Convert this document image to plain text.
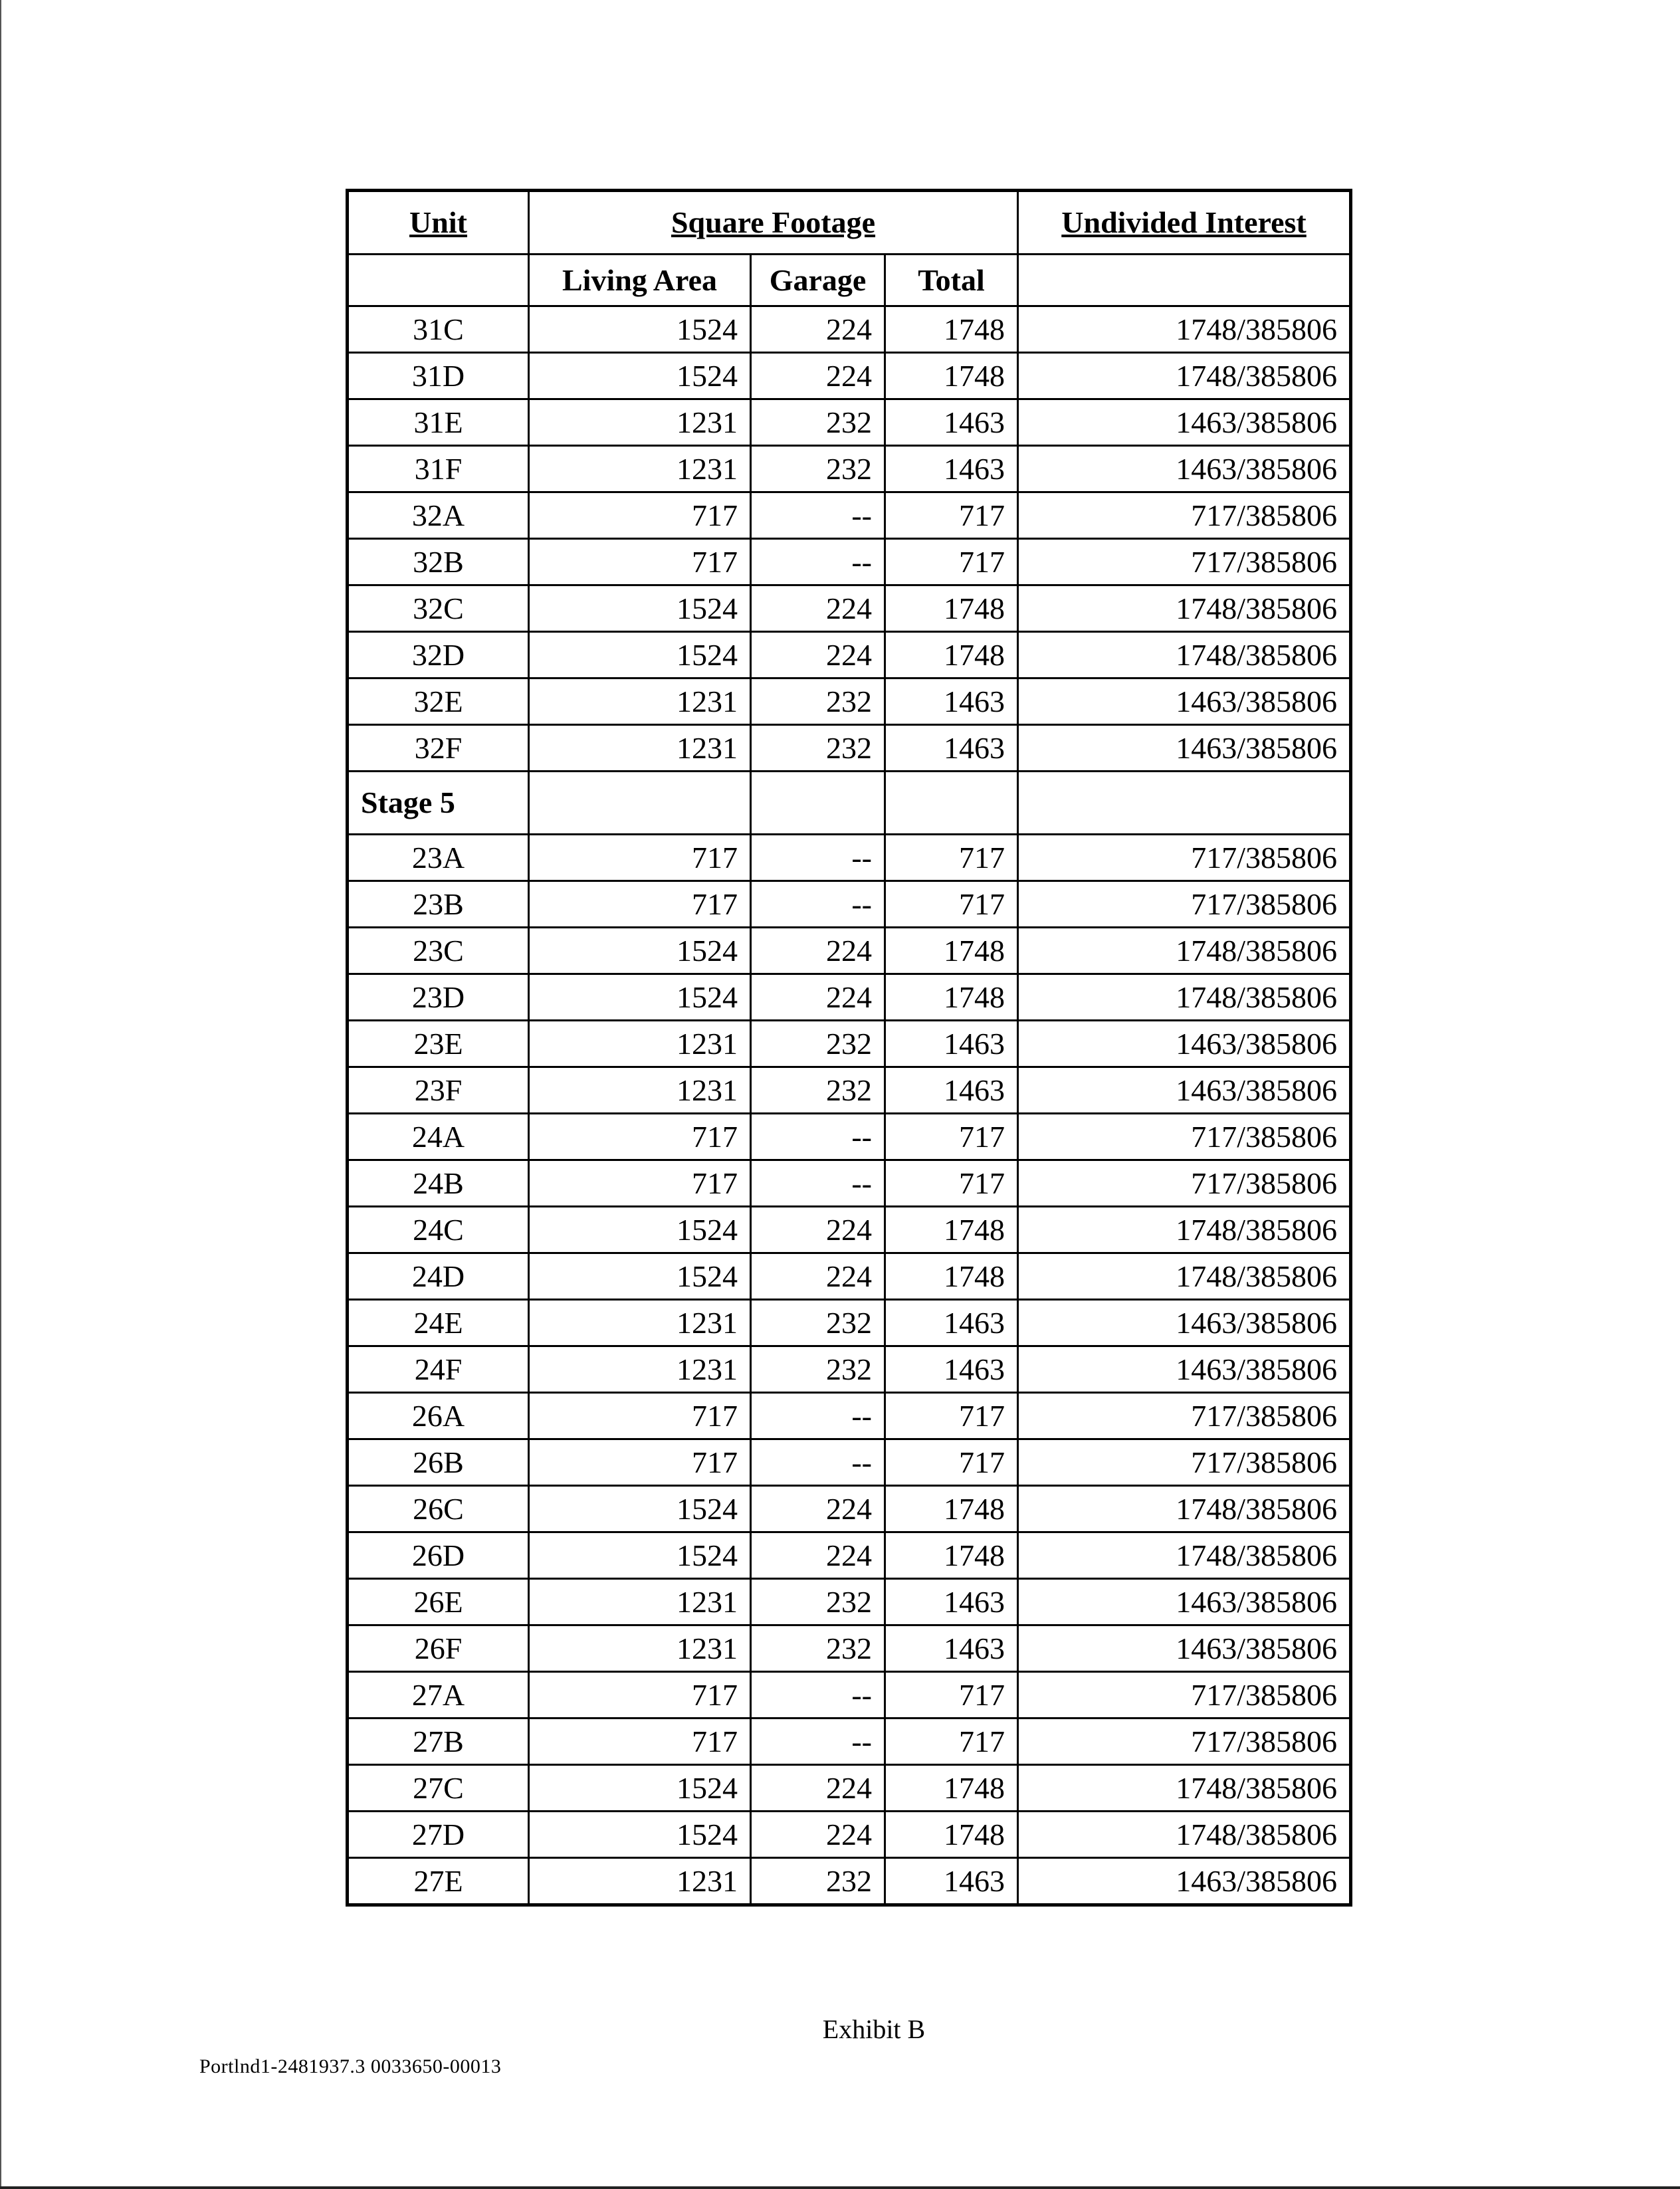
Unit	Square Footage			Undivided Interest
	Living Area	Garage	Total	
31C	1524	224	1748	1748/385806
31D	1524	224	1748	1748/385806
31E	1231	232	1463	1463/385806
31F	1231	232	1463	1463/385806
32A	717	--	717	717/385806
32B	717	--	717	717/385806
32C	1524	224	1748	1748/385806
32D	1524	224	1748	1748/385806
32E	1231	232	1463	1463/385806
32F	1231	232	1463	1463/385806
Stage 5				
23A	717	--	717	717/385806
23B	717	--	717	717/385806
23C	1524	224	1748	1748/385806
23D	1524	224	1748	1748/385806
23E	1231	232	1463	1463/385806
23F	1231	232	1463	1463/385806
24A	717	--	717	717/385806
24B	717	--	717	717/385806
24C	1524	224	1748	1748/385806
24D	1524	224	1748	1748/385806
24E	1231	232	1463	1463/385806
24F	1231	232	1463	1463/385806
26A	717	--	717	717/385806
26B	717	--	717	717/385806
26C	1524	224	1748	1748/385806
26D	1524	224	1748	1748/385806
26E	1231	232	1463	1463/385806
26F	1231	232	1463	1463/385806
27A	717	--	717	717/385806
27B	717	--	717	717/385806
27C	1524	224	1748	1748/385806
27D	1524	224	1748	1748/385806
27E	1231	232	1463	1463/385806
Exhibit B
Portlnd1-2481937.3 0033650-00013
